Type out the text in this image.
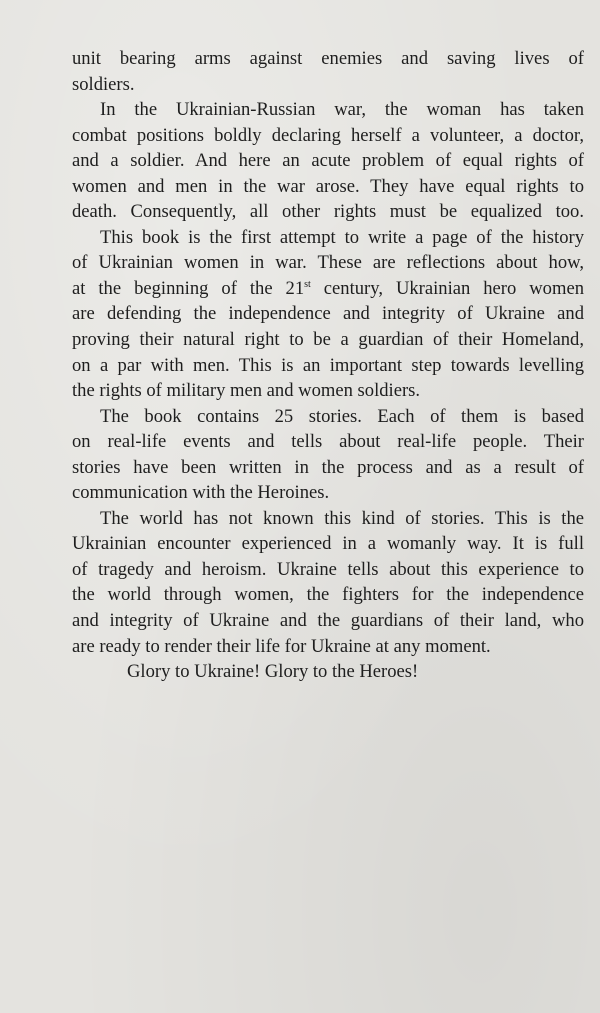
unit bearing arms against enemies and saving lives of
soldiers.
In the Ukrainian-Russian war, the woman has taken
combat positions boldly declaring herself a volunteer, a doctor,
and a soldier. And here an acute problem of equal rights of
women and men in the war arose. They have equal rights to
death. Consequently, all other rights must be equalized too.
This book is the first attempt to write a page of the history
of Ukrainian women in war. These are reflections about how,
at the beginning of the 21st century, Ukrainian hero women
are defending the independence and integrity of Ukraine and
proving their natural right to be a guardian of their Homeland,
on a par with men. This is an important step towards levelling
the rights of military men and women soldiers.
The book contains 25 stories. Each of them is based
on real-life events and tells about real-life people. Their
stories have been written in the process and as a result of
communication with the Heroines.
The world has not known this kind of stories. This is the
Ukrainian encounter experienced in a womanly way. It is full
of tragedy and heroism. Ukraine tells about this experience to
the world through women, the fighters for the independence
and integrity of Ukraine and the guardians of their land, who
are ready to render their life for Ukraine at any moment.
Glory to Ukraine! Glory to the Heroes!
